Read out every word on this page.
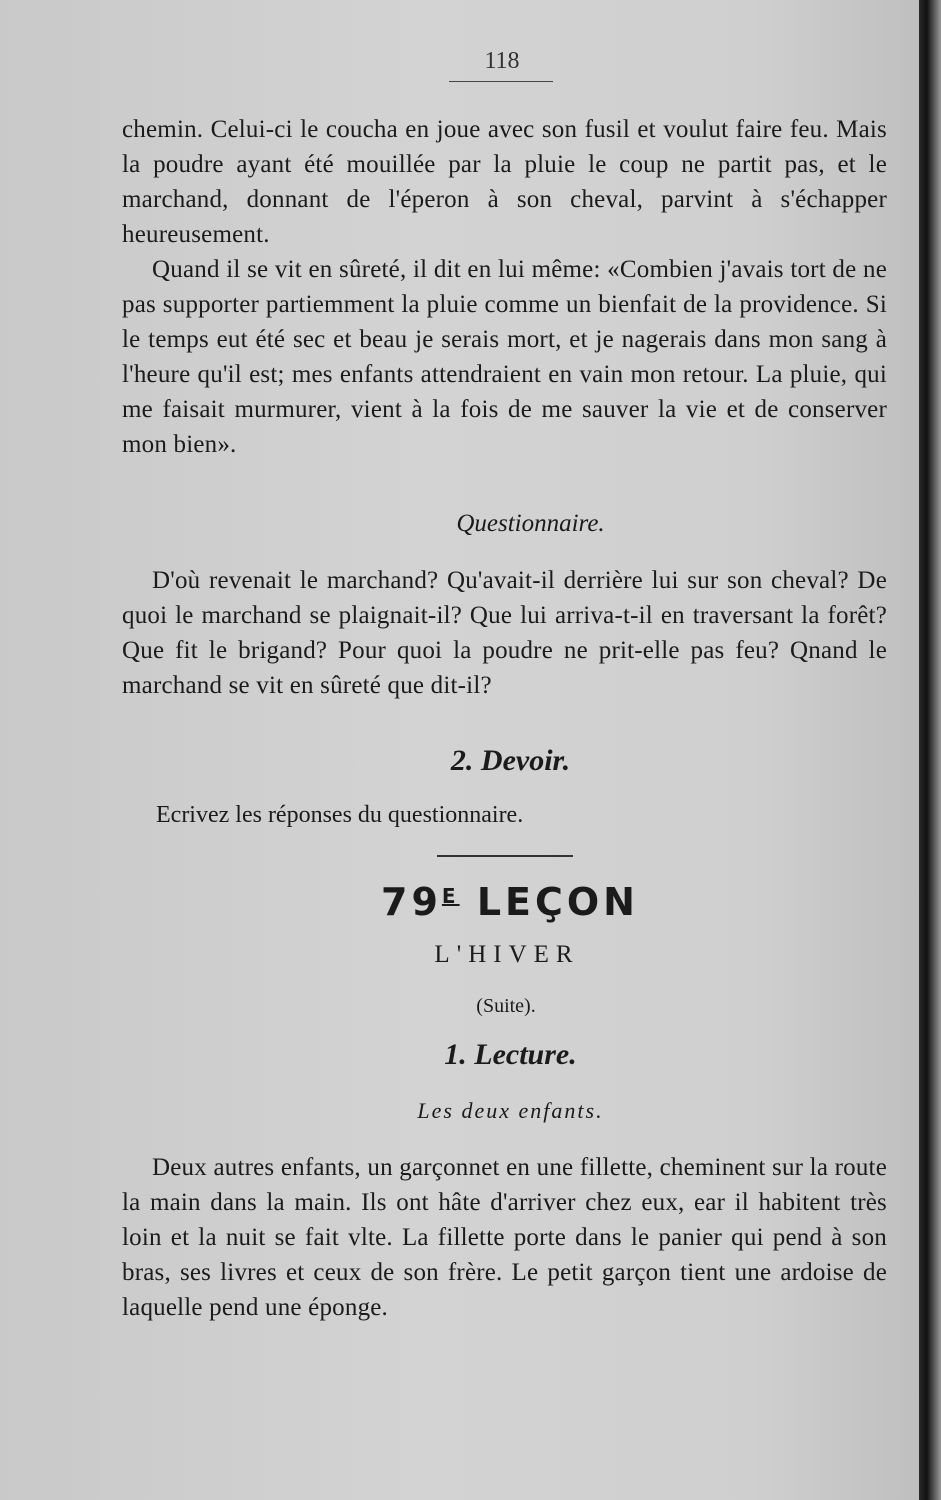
118

chemin. Celui-ci le coucha en joue avec son fusil et voulut faire feu. Mais la poudre ayant été mouillée par la pluie le coup ne partit pas, et le marchand, donnant de l'éperon à son cheval, parvint à s'échapper heureusement.

Quand il se vit en sûreté, il dit en lui même: «Combien j'avais tort de ne pas supporter partiemment la pluie comme un bienfait de la providence. Si le temps eut été sec et beau je serais mort, et je nagerais dans mon sang à l'heure qu'il est; mes enfants attendraient en vain mon retour. La pluie, qui me faisait murmurer, vient à la fois de me sauver la vie et de conserver mon bien».

Questionnaire.

D'où revenait le marchand? Qu'avait-il derrière lui sur son cheval? De quoi le marchand se plaignait-il? Que lui arriva-t-il en traversant la forêt? Que fit le brigand? Pour quoi la poudre ne prit-elle pas feu? Qnand le marchand se vit en sûreté que dit-il?

2. Devoir.
Ecrivez les réponses du questionnaire.
$79^E$ LEÇON
L'HIVER
(Suite).
1. Lecture.
Les deux enfants.

Deux autres enfants, un garçonnet en une fillette, cheminent sur la route la main dans la main. Ils ont hâte d'arriver chez eux, ear il habitent très loin et la nuit se fait vlte. La fillette porte dans le panier qui pend à son bras, ses livres et ceux de son frère. Le petit garçon tient une ardoise de laquelle pend une éponge.
